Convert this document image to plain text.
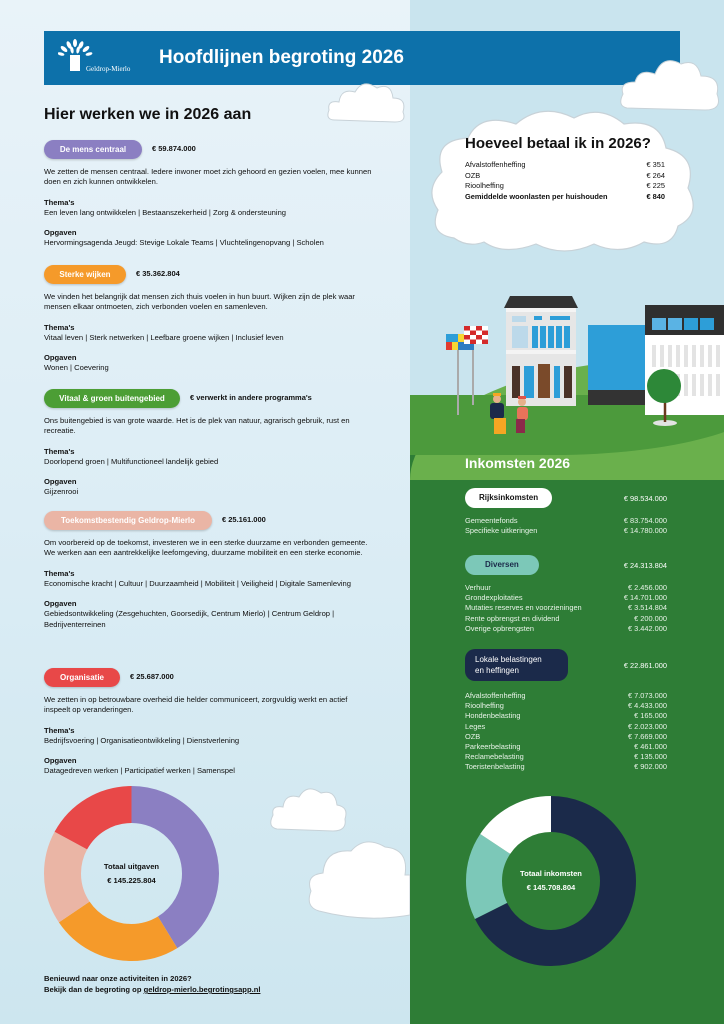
Geldrop-Mierlo
Hoofdlijnen begroting 2026
Hoeveel betaal ik in 2026?
Afvalstoffenheffing	€ 351
OZB	€ 264
Rioolheffing	€ 225
Gemiddelde woonlasten per huishouden	€ 840
Hier werken we in 2026 aan
De mens centraal	€ 59.874.000
We zetten de mensen centraal. Iedere inwoner moet zich gehoord en gezien voelen, mee kunnen doen en zich kunnen ontwikkelen.
Thema's
Een leven lang ontwikkelen | Bestaanszekerheid | Zorg & ondersteuning
Opgaven
Hervormingsagenda Jeugd: Stevige Lokale Teams | Vluchtelingenopvang | Scholen
Sterke wijken	€ 35.362.804
We vinden het belangrijk dat mensen zich thuis voelen in hun buurt. Wijken zijn de plek waar mensen elkaar ontmoeten, zich verbonden voelen en samenleven.
Thema's
Vitaal leven | Sterk netwerken | Leefbare groene wijken | Inclusief leven
Opgaven
Wonen | Coevering
Vitaal & groen buitengebied	€ verwerkt in andere programma's
Ons buitengebied is van grote waarde. Het is de plek van natuur, agrarisch gebruik, rust en recreatie.
Thema's
Doorlopend groen | Multifunctioneel landelijk gebied
Opgaven
Gijzenrooi
Toekomstbestendig Geldrop-Mierlo	€ 25.161.000
Om voorbereid op de toekomst, investeren we in een sterke duurzame en verbonden gemeente. We werken aan een aantrekkelijke leefomgeving, duurzame mobiliteit en een sterke economie.
Thema's
Economische kracht | Cultuur | Duurzaamheid | Mobiliteit | Veiligheid | Digitale Samenleving
Opgaven
Gebiedsontwikkeling (Zesgehuchten, Goorsedijk, Centrum Mierlo) | Centrum Geldrop | Bedrijventerreinen
Organisatie	€ 25.687.000
We zetten in op betrouwbare overheid die helder communiceert, zorgvuldig werkt en actief inspeelt op veranderingen.
Thema's
Bedrijfsvoering | Organisatieontwikkeling | Dienstverlening
Opgaven
Datagedreven werken | Participatief werken | Samenspel
Totaal uitgaven
€ 145.225.804
Benieuwd naar onze activiteiten in 2026?
Bekijk dan de begroting op geldrop-mierlo.begrotingsapp.nl
Inkomsten 2026
Rijksinkomsten	€ 98.534.000
Gemeentefonds	€ 83.754.000
Specifieke uitkeringen	€ 14.780.000
Diversen	€ 24.313.804
Verhuur	€ 2.456.000
Grondexploitaties	€ 14.701.000
Mutaties reserves en voorzieningen	€ 3.514.804
Rente opbrengst en dividend	€ 200.000
Overige opbrengsten	€ 3.442.000
Lokale belastingen
en heffingen
€ 22.861.000
Afvalstoffenheffing	€ 7.073.000
Rioolheffing	€ 4.433.000
Hondenbelasting	€ 165.000
Leges	€ 2.023.000
OZB	€ 7.669.000
Parkeerbelasting	€ 461.000
Reclamebelasting	€ 135.000
Toeristenbelasting	€ 902.000
Totaal inkomsten
€ 145.708.804
